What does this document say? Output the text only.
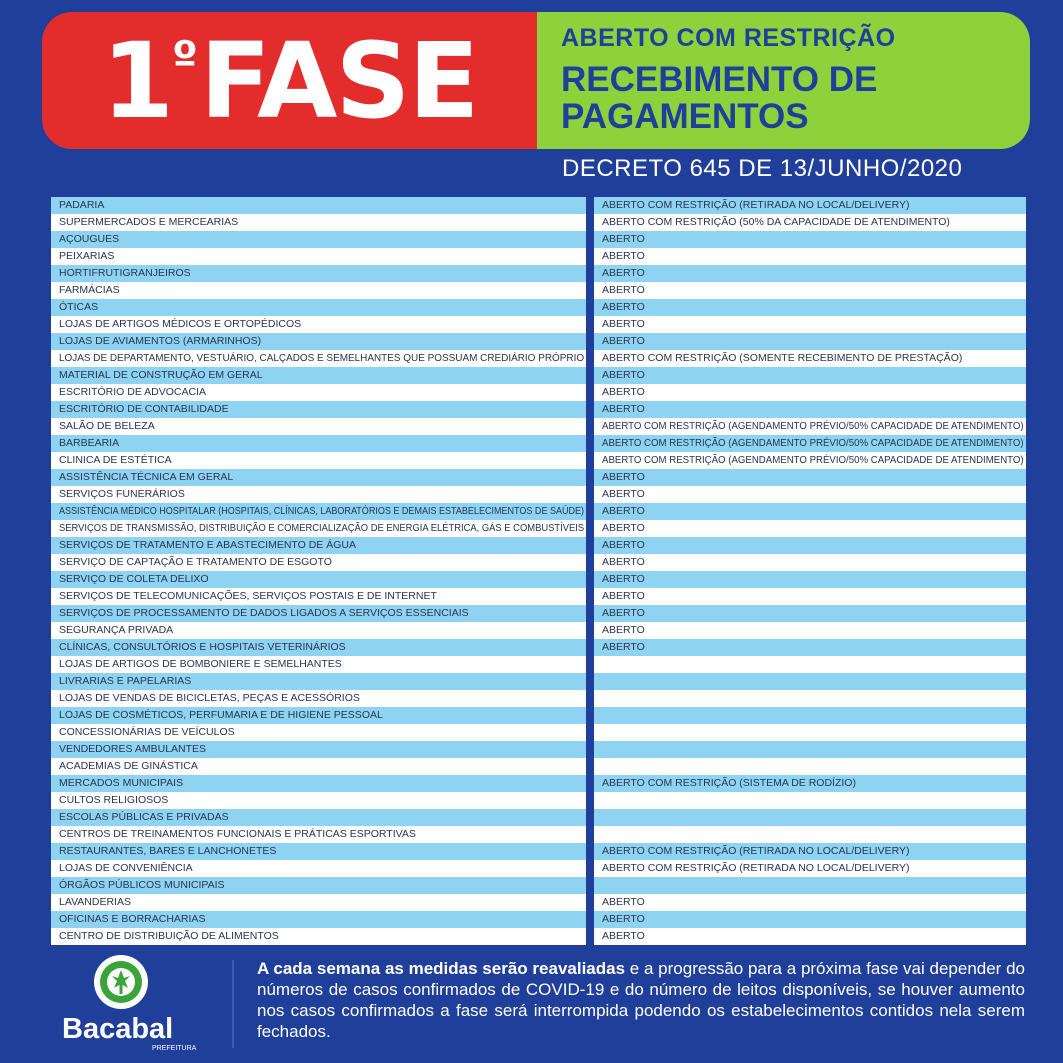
1 º FASE	ABERTO COM RESTRIÇÃO
RECEBIMENTO DE
PAGAMENTOS
DECRETO 645 DE 13/JUNHO/2020
PADARIA	ABERTO COM RESTRIÇÃO (RETIRADA NO LOCAL/DELIVERY)
SUPERMERCADOS E MERCEARIAS	ABERTO COM RESTRIÇÃO (50% DA CAPACIDADE DE ATENDIMENTO)
AÇOUGUES	ABERTO
PEIXARIAS	ABERTO
HORTIFRUTIGRANJEIROS	ABERTO
FARMÁCIAS	ABERTO
ÓTICAS	ABERTO
LOJAS DE ARTIGOS MÉDICOS E ORTOPÉDICOS	ABERTO
LOJAS DE AVIAMENTOS (ARMARINHOS)	ABERTO
LOJAS DE DEPARTAMENTO, VESTUÁRIO, CALÇADOS E SEMELHANTES QUE POSSUAM CREDIÁRIO PRÓPRIO	ABERTO COM RESTRIÇÃO (SOMENTE RECEBIMENTO DE PRESTAÇÃO)
MATERIAL DE CONSTRUÇÃO EM GERAL	ABERTO
ESCRITÓRIO DE ADVOCACIA	ABERTO
ESCRITÓRIO DE CONTABILIDADE	ABERTO
SALÃO DE BELEZA	ABERTO COM RESTRIÇÃO (AGENDAMENTO PRÉVIO/50% CAPACIDADE DE ATENDIMENTO)
BARBEARIA	ABERTO COM RESTRIÇÃO (AGENDAMENTO PRÉVIO/50% CAPACIDADE DE ATENDIMENTO)
CLINICA DE ESTÉTICA	ABERTO COM RESTRIÇÃO (AGENDAMENTO PRÉVIO/50% CAPACIDADE DE ATENDIMENTO)
ASSISTÊNCIA TÉCNICA EM GERAL	ABERTO
SERVIÇOS FUNERÁRIOS	ABERTO
ASSISTÊNCIA MÉDICO HOSPITALAR (HOSPITAIS, CLÍNICAS, LABORATÓRIOS E DEMAIS ESTABELECIMENTOS DE SAÚDE)	ABERTO
SERVIÇOS DE TRANSMISSÃO, DISTRIBUIÇÃO E COMERCIALIZAÇÃO DE ENERGIA ELÉTRICA, GÁS E COMBUSTÍVEIS	ABERTO
SERVIÇOS DE TRATAMENTO E ABASTECIMENTO DE ÁGUA	ABERTO
SERVIÇO DE CAPTAÇÃO E TRATAMENTO DE ESGOTO	ABERTO
SERVIÇO DE COLETA DELIXO	ABERTO
SERVIÇOS DE TELECOMUNICAÇÕES, SERVIÇOS POSTAIS E DE INTERNET	ABERTO
SERVIÇOS DE PROCESSAMENTO DE DADOS LIGADOS A SERVIÇOS ESSENCIAIS	ABERTO
SEGURANÇA PRIVADA	ABERTO
CLÍNICAS, CONSULTÓRIOS E HOSPITAIS VETERINÁRIOS	ABERTO
LOJAS DE ARTIGOS DE BOMBONIERE E SEMELHANTES
LIVRARIAS E PAPELARIAS
LOJAS DE VENDAS DE BICICLETAS, PEÇAS E ACESSÓRIOS
LOJAS DE COSMÉTICOS, PERFUMARIA E DE HIGIENE PESSOAL
CONCESSIONÁRIAS DE VEÍCULOS
VENDEDORES AMBULANTES
ACADEMIAS DE GINÁSTICA
MERCADOS MUNICIPAIS	ABERTO COM RESTRIÇÃO (SISTEMA DE RODÍZIO)
CULTOS RELIGIOSOS
ESCOLAS PÚBLICAS E PRIVADAS
CENTROS DE TREINAMENTOS FUNCIONAIS E PRÁTICAS ESPORTIVAS
RESTAURANTES, BARES E LANCHONETES	ABERTO COM RESTRIÇÃO (RETIRADA NO LOCAL/DELIVERY)
LOJAS DE CONVENIÊNCIA	ABERTO COM RESTRIÇÃO (RETIRADA NO LOCAL/DELIVERY)
ÓRGÃOS PÚBLICOS MUNICIPAIS
LAVANDERIAS	ABERTO
OFICINAS E BORRACHARIAS	ABERTO
CENTRO DE DISTRIBUIÇÃO DE ALIMENTOS	ABERTO
Bacabal
PREFEITURA
A cada semana as medidas serão reavaliadas e a progressão para a próxima fase vai depender do números de casos confirmados de COVID-19 e do número de leitos disponíveis, se houver aumento nos casos confirmados a fase será interrompida podendo os estabelecimentos contidos nela serem fechados.
